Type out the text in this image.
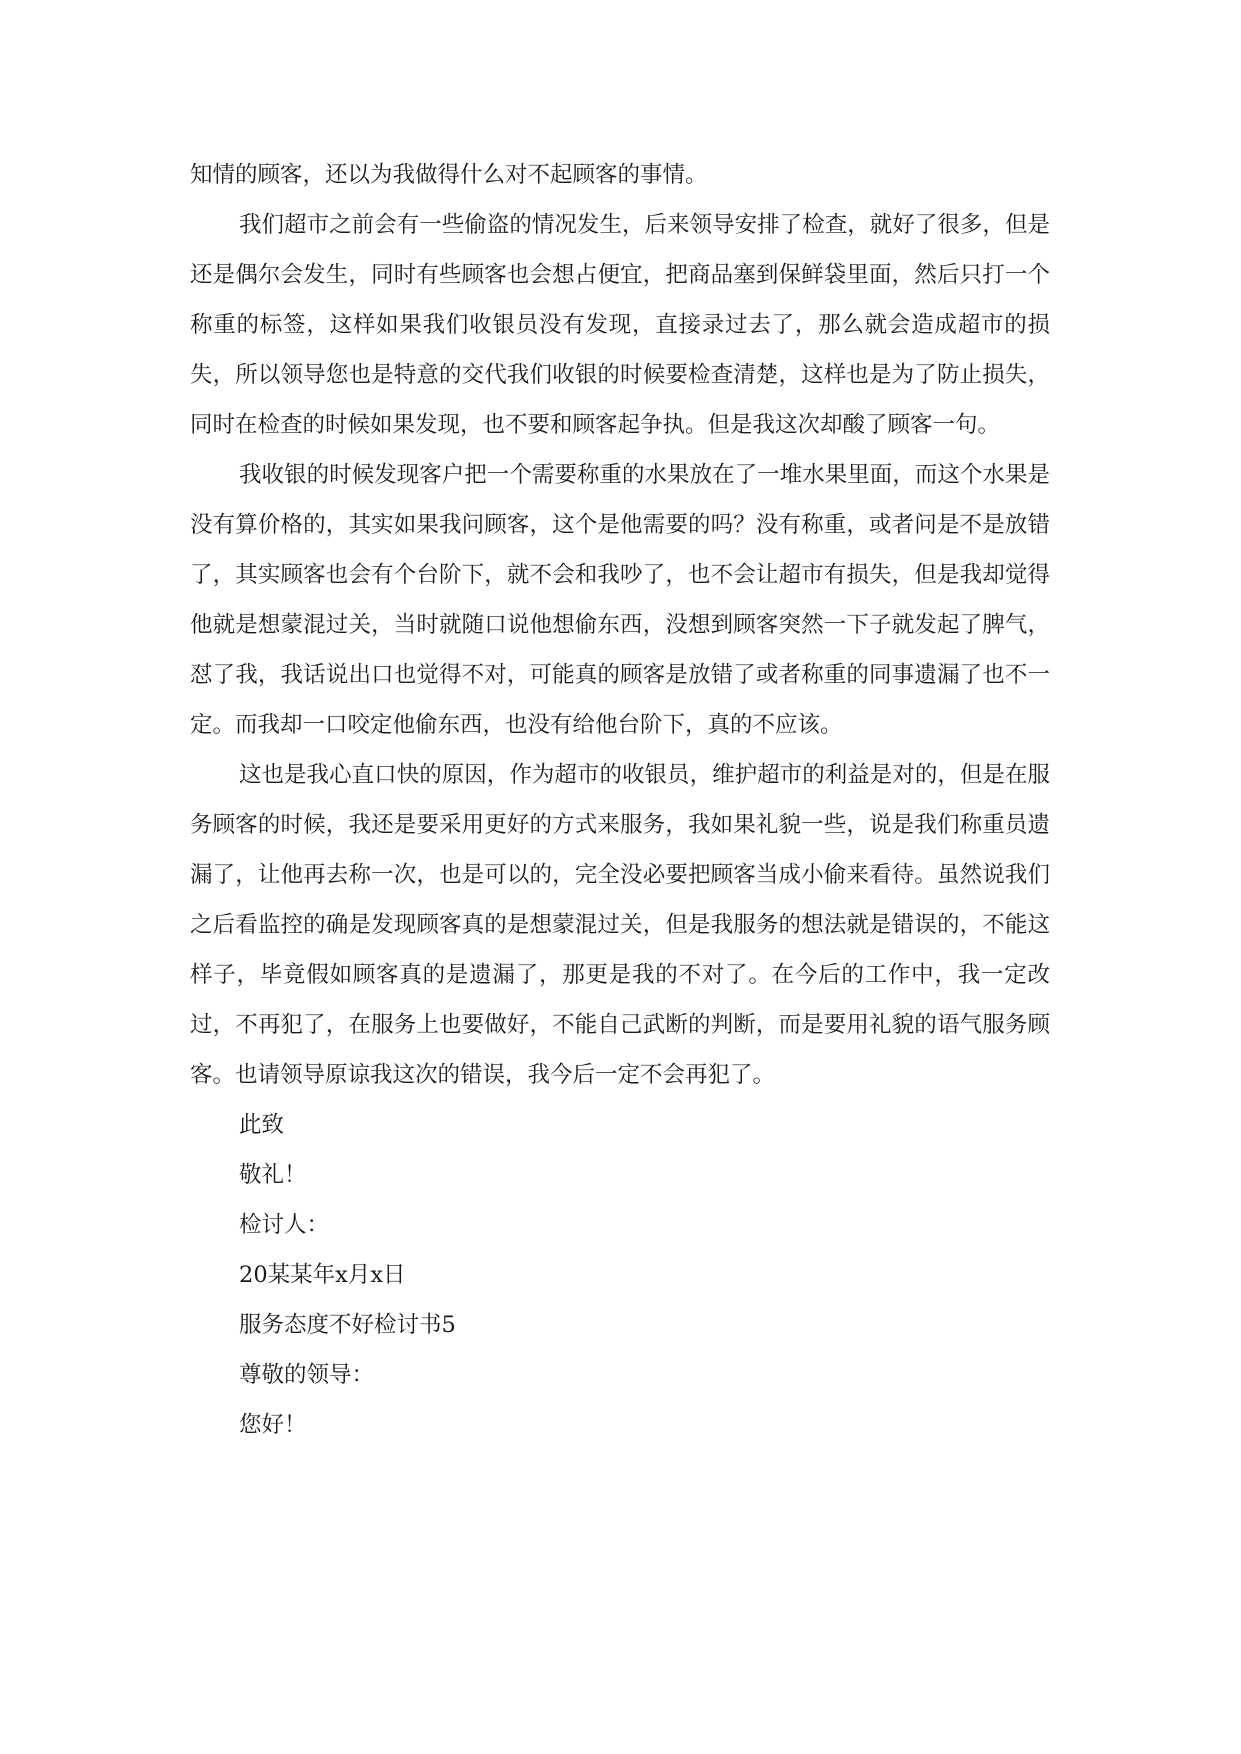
知情的顾客，还以为我做得什么对不起顾客的事情。

我们超市之前会有一些偷盗的情况发生，后来领导安排了检查，就好了很多，但是还是偶尔会发生，同时有些顾客也会想占便宜，把商品塞到保鲜袋里面，然后只打一个称重的标签，这样如果我们收银员没有发现，直接录过去了，那么就会造成超市的损失，所以领导您也是特意的交代我们收银的时候要检查清楚，这样也是为了防止损失，同时在检查的时候如果发现，也不要和顾客起争执。但是我这次却酸了顾客一句。

我收银的时候发现客户把一个需要称重的水果放在了一堆水果里面，而这个水果是没有算价格的，其实如果我问顾客，这个是他需要的吗？没有称重，或者问是不是放错了，其实顾客也会有个台阶下，就不会和我吵了，也不会让超市有损失，但是我却觉得他就是想蒙混过关，当时就随口说他想偷东西，没想到顾客突然一下子就发起了脾气，怼了我，我话说出口也觉得不对，可能真的顾客是放错了或者称重的同事遗漏了也不一定。而我却一口咬定他偷东西，也没有给他台阶下，真的不应该。

这也是我心直口快的原因，作为超市的收银员，维护超市的利益是对的，但是在服务顾客的时候，我还是要采用更好的方式来服务，我如果礼貌一些，说是我们称重员遗漏了，让他再去称一次，也是可以的，完全没必要把顾客当成小偷来看待。虽然说我们之后看监控的确是发现顾客真的是想蒙混过关，但是我服务的想法就是错误的，不能这样子，毕竟假如顾客真的是遗漏了，那更是我的不对了。在今后的工作中，我一定改过，不再犯了，在服务上也要做好，不能自己武断的判断，而是要用礼貌的语气服务顾客。也请领导原谅我这次的错误，我今后一定不会再犯了。

此致
敬礼！
检讨人：
20某某年x月x日
服务态度不好检讨书5
尊敬的领导：
您好！
